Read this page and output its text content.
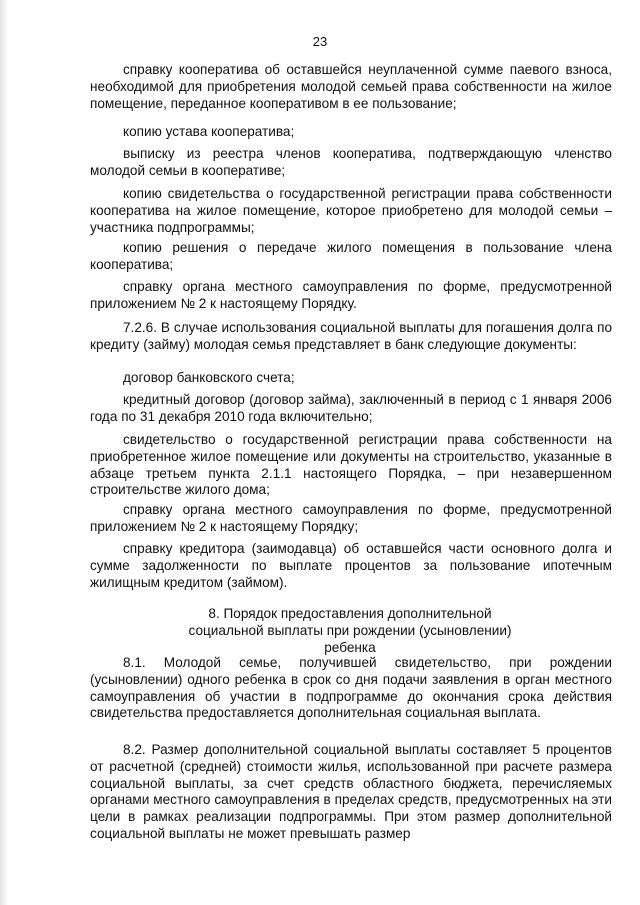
23

справку кооператива об оставшейся неуплаченной сумме паевого взноса, необходимой для приобретения молодой семьей права собственности на жилое помещение, переданное кооперативом в ее пользование;

копию устава кооператива;

выписку из реестра членов кооператива, подтверждающую членство молодой семьи в кооперативе;

копию свидетельства о государственной регистрации права собственности кооператива на жилое помещение, которое приобретено для молодой семьи – участника подпрограммы;

копию решения о передаче жилого помещения в пользование члена кооператива;

справку органа местного самоуправления по форме, предусмотренной приложением № 2 к настоящему Порядку.

7.2.6. В случае использования социальной выплаты для погашения долга по кредиту (займу) молодая семья представляет в банк следующие документы:

договор банковского счета;

кредитный договор (договор займа), заключенный в период с 1 января 2006 года по 31 декабря 2010 года включительно;

свидетельство о государственной регистрации права собственности на приобретенное жилое помещение или документы на строительство, указанные в абзаце третьем пункта 2.1.1 настоящего Порядка, – при незавершенном строительстве жилого дома;

справку органа местного самоуправления по форме, предусмотренной приложением № 2 к настоящему Порядку;

справку кредитора (заимодавца) об оставшейся части основного долга и сумме задолженности по выплате процентов за пользование ипотечным жилищным кредитом (займом).

8. Порядок предоставления дополнительной социальной выплаты при рождении (усыновлении) ребенка

8.1. Молодой семье, получившей свидетельство, при рождении (усыновлении) одного ребенка в срок со дня подачи заявления в орган местного самоуправления об участии в подпрограмме до окончания срока действия свидетельства предоставляется дополнительная социальная выплата.

8.2. Размер дополнительной социальной выплаты составляет 5 процентов от расчетной (средней) стоимости жилья, использованной при расчете размера социальной выплаты, за счет средств областного бюджета, перечисляемых органами местного самоуправления в пределах средств, предусмотренных на эти цели в рамках реализации подпрограммы. При этом размер дополнительной социальной выплаты не может превышать размер
